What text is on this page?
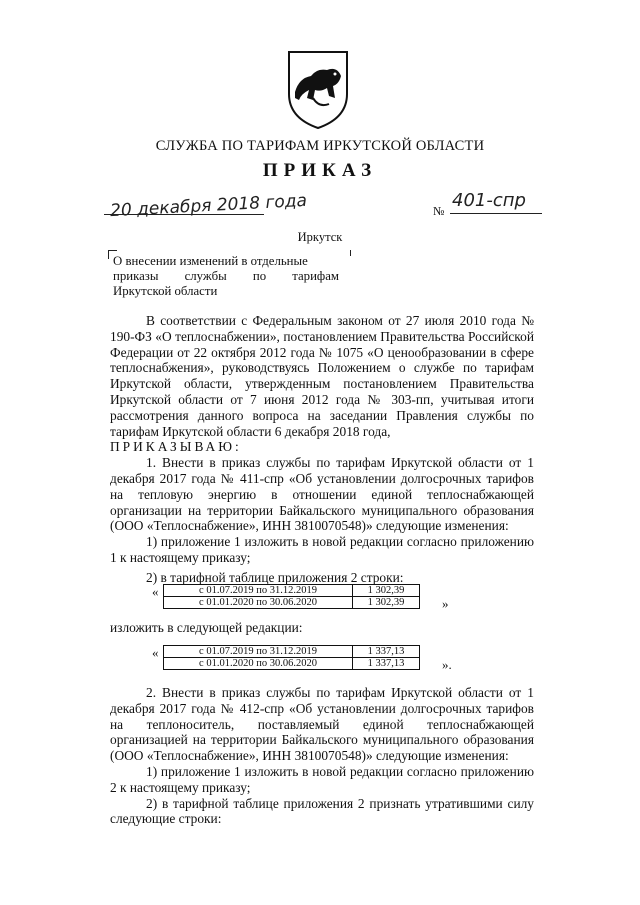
СЛУЖБА ПО ТАРИФАМ ИРКУТСКОЙ ОБЛАСТИ
ПРИКАЗ
20 декабря 2018 года	№ 401-спр
Иркутск
О внесении изменений в отдельные
приказы службы по тарифам
Иркутской области

В соответствии с Федеральным законом от 27 июля 2010 года № 190-ФЗ «О теплоснабжении», постановлением Правительства Российской Федерации от 22 октября 2012 года № 1075 «О ценообразовании в сфере теплоснабжения», руководствуясь Положением о службе по тарифам Иркутской области, утвержденным постановлением Правительства Иркутской области от 7 июня 2012 года № 303-пп, учитывая итоги рассмотрения данного вопроса на заседании Правления службы по тарифам Иркутской области 6 декабря 2018 года,

ПРИКАЗЫВАЮ:

1. Внести в приказ службы по тарифам Иркутской области от 1 декабря 2017 года № 411-спр «Об установлении долгосрочных тарифов на тепловую энергию в отношении единой теплоснабжающей организации на территории Байкальского муниципального образования (ООО «Теплоснабжение», ИНН 3810070548)» следующие изменения:

1) приложение 1 изложить в новой редакции согласно приложению 1 к настоящему приказу;

2) в тарифной таблице приложения 2 строки:

«	с 01.07.2019 по 31.12.2019	1 302,39
с 01.01.2020 по 30.06.2020	1 302,39	»

изложить в следующей редакции:

«	с 01.07.2019 по 31.12.2019	1 337,13
с 01.01.2020 по 30.06.2020	1 337,13	».

2. Внести в приказ службы по тарифам Иркутской области от 1 декабря 2017 года № 412-спр «Об установлении долгосрочных тарифов на теплоноситель, поставляемый единой теплоснабжающей организацией на территории Байкальского муниципального образования (ООО «Теплоснабжение», ИНН 3810070548)» следующие изменения:

1) приложение 1 изложить в новой редакции согласно приложению 2 к настоящему приказу;

2) в тарифной таблице приложения 2 признать утратившими силу следующие строки:
